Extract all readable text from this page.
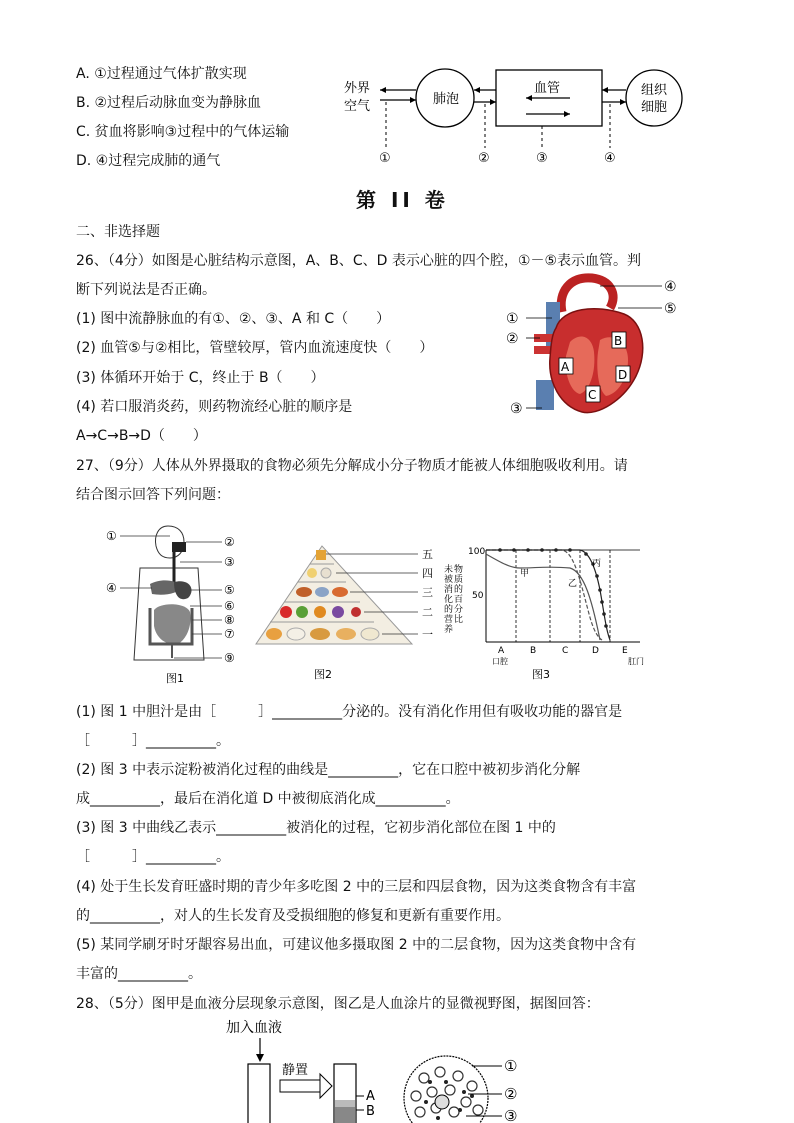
A. ①过程通过气体扩散实现
B. ②过程后动脉血变为静脉血
C. 贫血将影响③过程中的气体运输
D. ④过程完成肺的通气
外界
空气	肺泡
血管	组织
细胞
①	②	③	④
第 II 卷
二、非选择题
26、（4分）如图是心脏结构示意图，A、B、C、D 表示心脏的四个腔，①－⑤表示血管。判
断下列说法是否正确。
(1) 图中流静脉血的有①、②、③、A 和 C（　　）
(2) 血管⑤与②相比，管壁较厚，管内血流速度快（　　）
(3) 体循环开始于 C，终止于 B（　　）
(4) 若口服消炎药，则药物流经心脏的顺序是
A→C→B→D（　　）
A
B
C
D
①
②
③
④
⑤
27、（9分）人体从外界摄取的食物必须先分解成小分子物质才能被人体细胞吸收利用。请
结合图示回答下列问题：
①	②
③
④	⑤
⑥
⑧
⑦
⑨
图1
五
四
三
二
一
图2
未
被
消
化
的
营
养
物
质
的
百
分
比
100
50
甲
乙
丙
A	B	C	D	E
口腔	肛门
图3
(1) 图 1 中胆汁是由［　　　］__________分泌的。没有消化作用但有吸收功能的器官是
［　　　］__________。
(2) 图 3 中表示淀粉被消化过程的曲线是__________，它在口腔中被初步消化分解
成__________，最后在消化道 D 中被彻底消化成__________。
(3) 图 3 中曲线乙表示__________被消化的过程，它初步消化部位在图 1 中的
［　　　］__________。
(4) 处于生长发育旺盛时期的青少年多吃图 2 中的三层和四层食物，因为这类食物含有丰富
的__________，对人的生长发育及受损细胞的修复和更新有重要作用。
(5) 某同学刷牙时牙龈容易出血，可建议他多摄取图 2 中的二层食物，因为这类食物中含有
丰富的__________。
28、（5分）图甲是血液分层现象示意图，图乙是人血涂片的显微视野图，据图回答：
加入血液
静置
A
B
①
②
③
